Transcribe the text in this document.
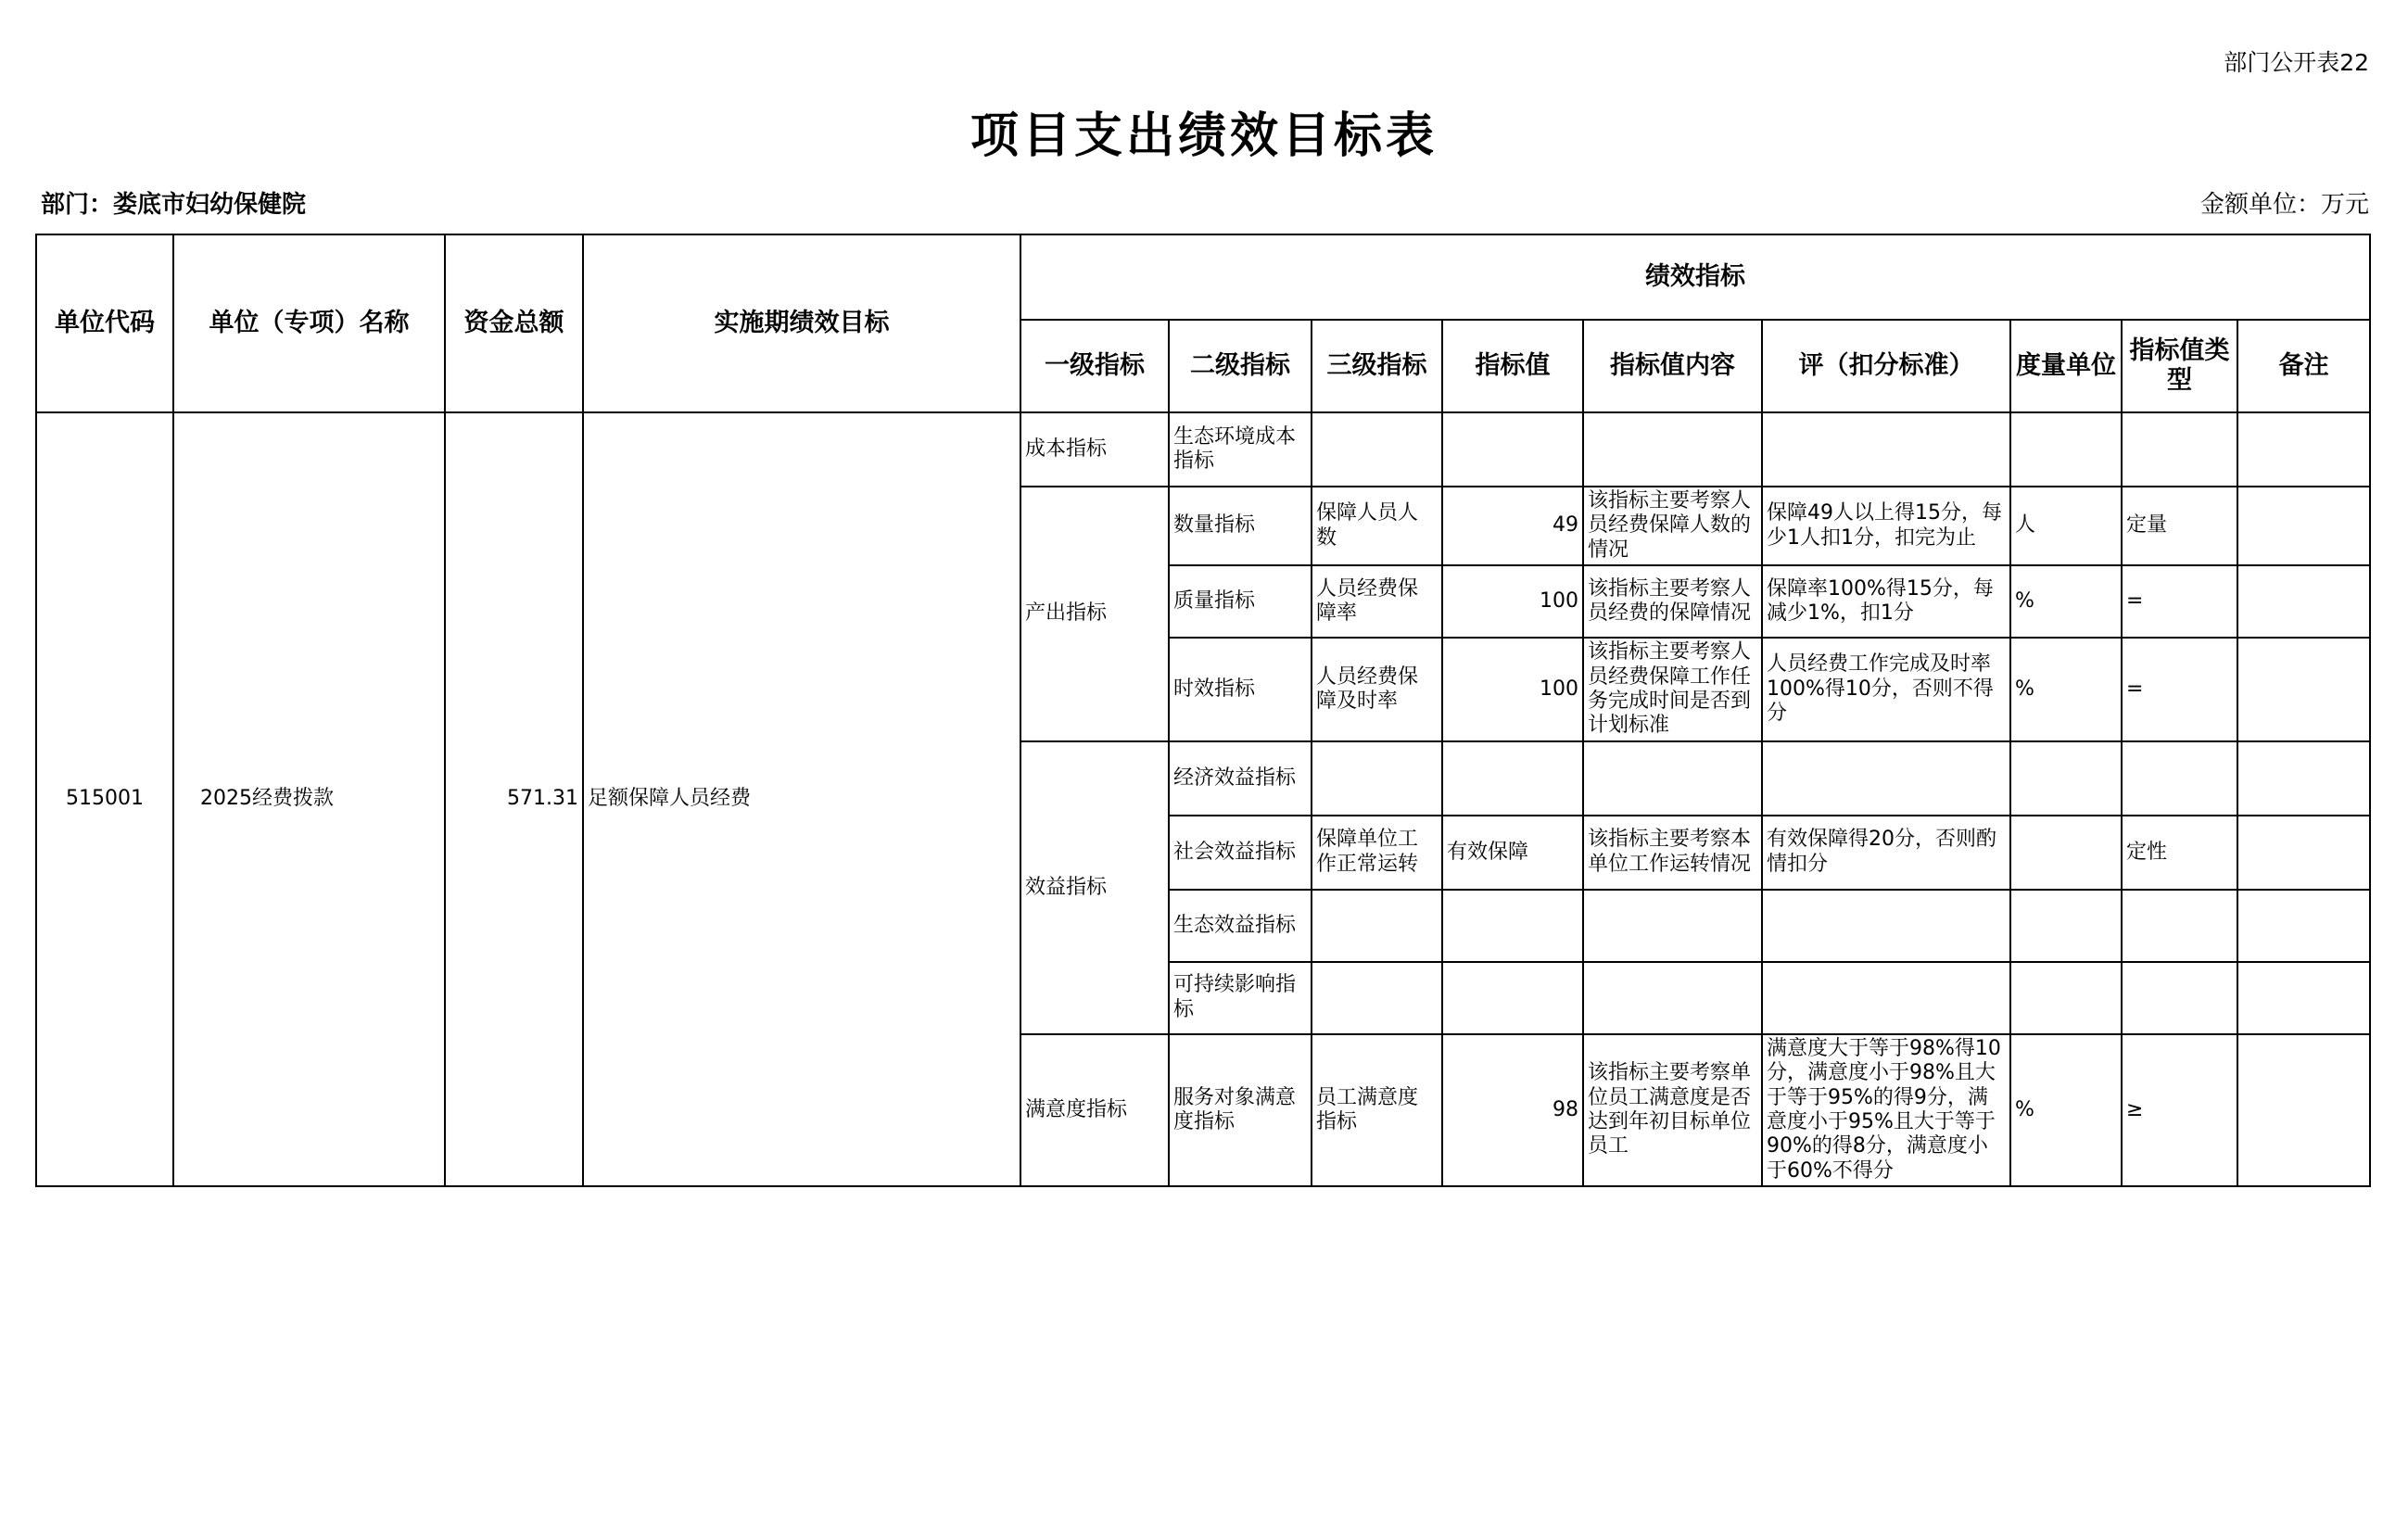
部门公开表22
项目支出绩效目标表
部门：娄底市妇幼保健院	金额单位：万元
单位代码	单位（专项）名称	资金总额	实施期绩效目标	绩效指标								
				一级指标	二级指标	三级指标	指标值	指标值内容	评（扣分标准）	度量单位	指标值类型	备注
515001	2025经费拨款	571.31	足额保障人员经费	成本指标	生态环境成本指标							
				产出指标	数量指标	保障人员人数	49	该指标主要考察人员经费保障人数的情况	保障49人以上得15分，每少1人扣1分，扣完为止	人	定量	
					质量指标	人员经费保障率	100	该指标主要考察人员经费的保障情况	保障率100%得15分，每减少1%，扣1分	%	=	
					时效指标	人员经费保障及时率	100	该指标主要考察人员经费保障工作任务完成时间是否到计划标准	人员经费工作完成及时率100%得10分，否则不得分	%	=	
				效益指标	经济效益指标							
					社会效益指标	保障单位工作正常运转	有效保障	该指标主要考察本单位工作运转情况	有效保障得20分，否则酌情扣分		定性	
					生态效益指标							
					可持续影响指标							
				满意度指标	服务对象满意度指标	员工满意度指标	98	该指标主要考察单位员工满意度是否达到年初目标单位员工	满意度大于等于98%得10分，满意度小于98%且大于等于95%的得9分，满意度小于95%且大于等于90%的得8分，满意度小于60%不得分	%	≥	
